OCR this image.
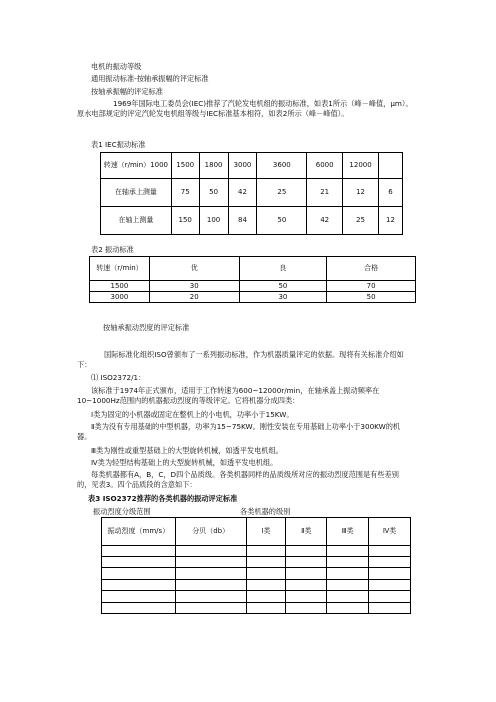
电机的振动等级
通用振动标准-按轴承振幅的评定标准
按轴承振幅的评定标准
1969年国际电工委员会(IEC)推荐了汽轮发电机组的振动标准，如表1所示（峰－峰值，μm）。原水电部规定的评定汽轮发电机组等级与IEC标准基本相符，如表2所示（峰－峰值）。
表1 IEC振动标准
转速（r/min）1000	1500	1800	3000	3600	6000	12000	
在轴承上测量	75	50	42	25	21	12	6
在轴上测量	150	100	84	50	42	25	12
表2 振动标准
转速（r/min）	优	良	合格
1500	30	50	70
3000	20	30	50
按轴承振动烈度的评定标准
国际标准化组织ISO曾颁布了一系列振动标准，作为机器质量评定的依据。现将有关标准介绍如下：
⑴ ISO2372/1：
该标准于1974年正式颁布，适用于工作转速为600~12000r/min，在轴承盖上振动频率在10~1000Hz范围内的机器振动烈度的等级评定。它将机器分成四类：
Ⅰ类为固定的小机器或固定在整机上的小电机，功率小于15KW。
Ⅱ类为没有专用基础的中型机器，功率为15~75KW。刚性安装在专用基础上功率小于300KW的机器。
Ⅲ类为刚性或重型基础上的大型旋转机械，如透平发电机组。
Ⅳ类为轻型结构基础上的大型旋转机械，如透平发电机组。
每类机器都有A，B，C，D四个品质级。各类机器同样的品质级所对应的振动烈度范围是有些差别的，见表3。四个品质段的含意如下：
表3 ISO2372推荐的各类机器的振动评定标准
振动烈度分级范围	各类机器的级别
振动烈度（mm/s）	分贝（db）	Ⅰ类	Ⅱ类	Ⅲ类	Ⅳ类
